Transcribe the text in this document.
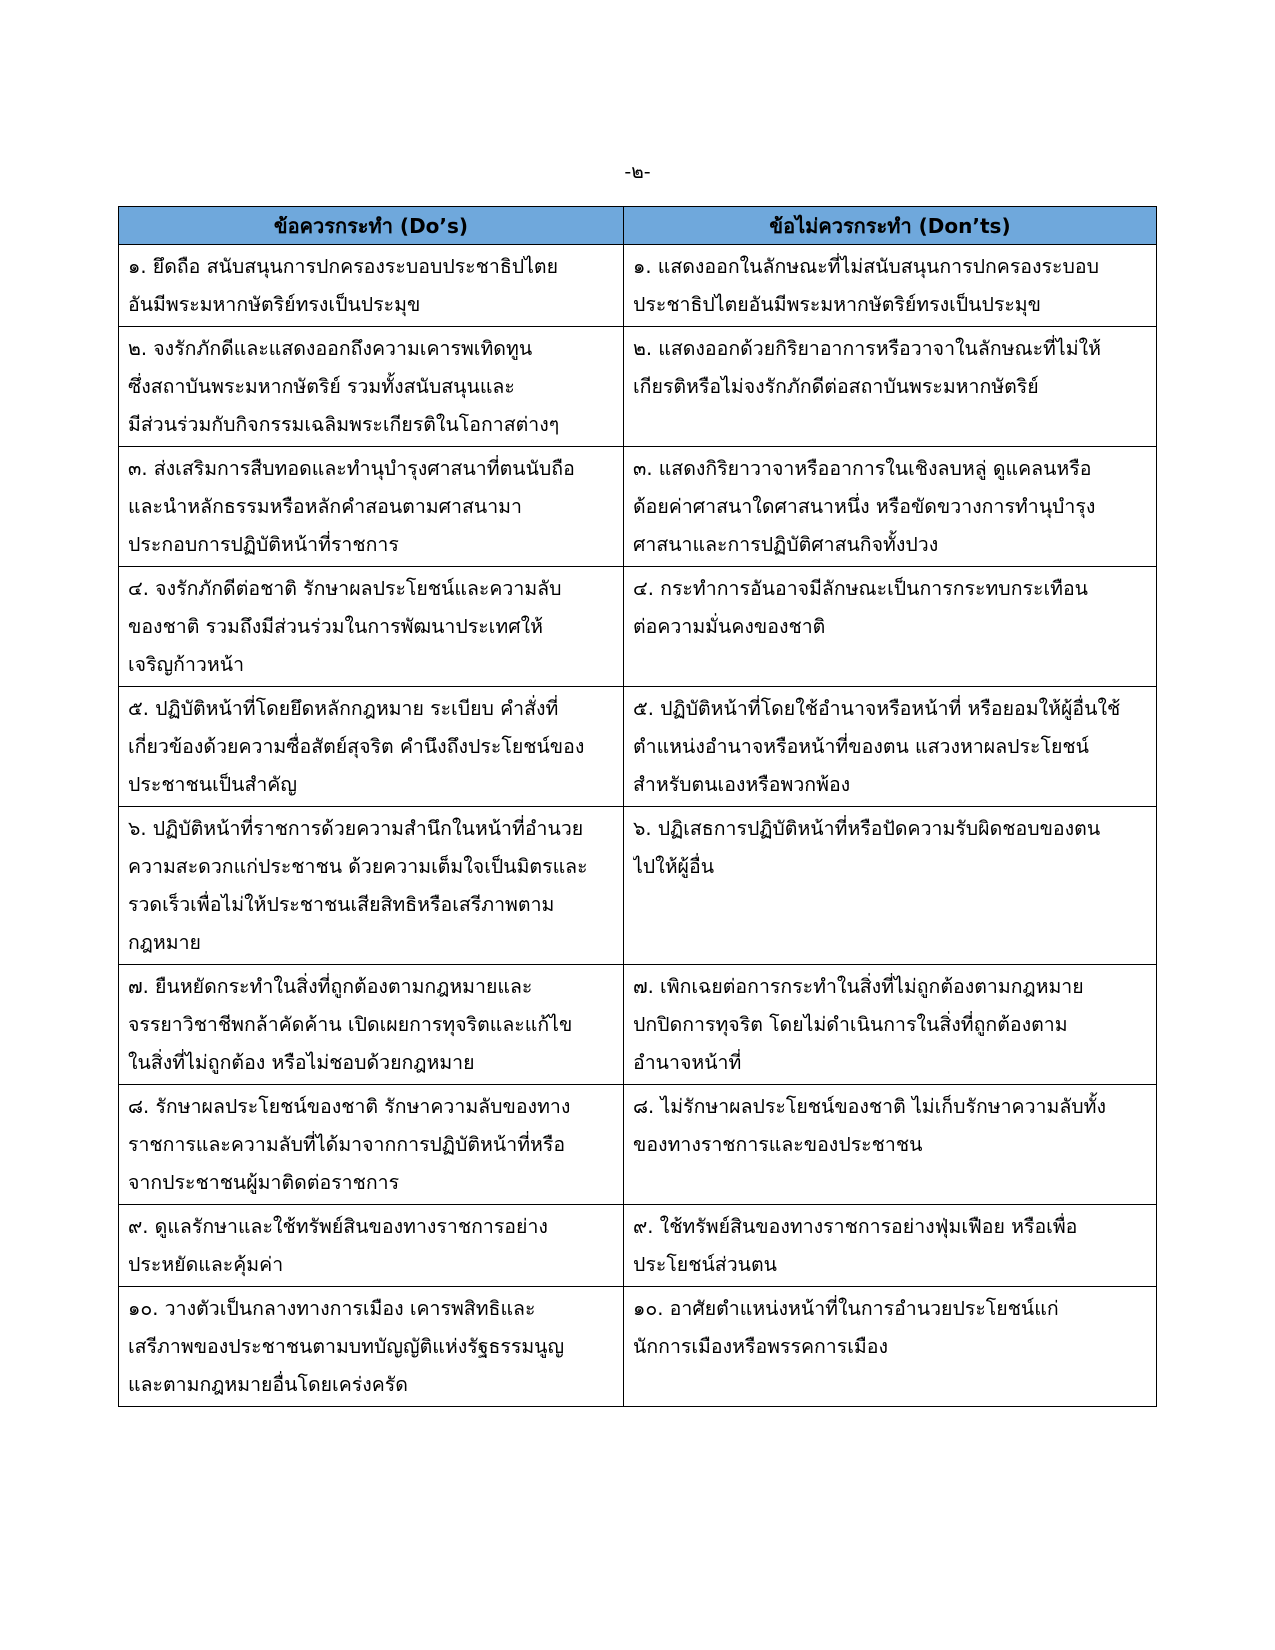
-๒-
ข้อควรกระทำ (Do’s)	ข้อไม่ควรกระทำ (Don’ts)

๑. ยึดถือ สนับสนุนการปกครองระบอบประชาธิปไตย
อันมีพระมหากษัตริย์ทรงเป็นประมุข	๑. แสดงออกในลักษณะที่ไม่สนับสนุนการปกครองระบอบ
ประชาธิปไตยอันมีพระมหากษัตริย์ทรงเป็นประมุข

๒. จงรักภักดีและแสดงออกถึงความเคารพเทิดทูน
ซึ่งสถาบันพระมหากษัตริย์ รวมทั้งสนับสนุนและ
มีส่วนร่วมกับกิจกรรมเฉลิมพระเกียรติในโอกาสต่างๆ	๒. แสดงออกด้วยกิริยาอาการหรือวาจาในลักษณะที่ไม่ให้
เกียรติหรือไม่จงรักภักดีต่อสถาบันพระมหากษัตริย์

๓. ส่งเสริมการสืบทอดและทำนุบำรุงศาสนาที่ตนนับถือ
และนำหลักธรรมหรือหลักคำสอนตามศาสนามา
ประกอบการปฏิบัติหน้าที่ราชการ	๓. แสดงกิริยาวาจาหรืออาการในเชิงลบหลู่ ดูแคลนหรือ
ด้อยค่าศาสนาใดศาสนาหนึ่ง หรือขัดขวางการทำนุบำรุง
ศาสนาและการปฏิบัติศาสนกิจทั้งปวง

๔. จงรักภักดีต่อชาติ รักษาผลประโยชน์และความลับ
ของชาติ รวมถึงมีส่วนร่วมในการพัฒนาประเทศให้
เจริญก้าวหน้า	๔. กระทำการอันอาจมีลักษณะเป็นการกระทบกระเทือน
ต่อความมั่นคงของชาติ

๕. ปฏิบัติหน้าที่โดยยึดหลักกฎหมาย ระเบียบ คำสั่งที่
เกี่ยวข้องด้วยความซื่อสัตย์สุจริต คำนึงถึงประโยชน์ของ
ประชาชนเป็นสำคัญ	๕. ปฏิบัติหน้าที่โดยใช้อำนาจหรือหน้าที่ หรือยอมให้ผู้อื่นใช้
ตำแหน่งอำนาจหรือหน้าที่ของตน แสวงหาผลประโยชน์
สำหรับตนเองหรือพวกพ้อง

๖. ปฏิบัติหน้าที่ราชการด้วยความสำนึกในหน้าที่อำนวย
ความสะดวกแก่ประชาชน ด้วยความเต็มใจเป็นมิตรและ
รวดเร็วเพื่อไม่ให้ประชาชนเสียสิทธิหรือเสรีภาพตาม
กฎหมาย	๖. ปฏิเสธการปฏิบัติหน้าที่หรือปัดความรับผิดชอบของตน
ไปให้ผู้อื่น

๗. ยืนหยัดกระทำในสิ่งที่ถูกต้องตามกฎหมายและ
จรรยาวิชาชีพกล้าคัดค้าน เปิดเผยการทุจริตและแก้ไข
ในสิ่งที่ไม่ถูกต้อง หรือไม่ชอบด้วยกฎหมาย	๗. เพิกเฉยต่อการกระทำในสิ่งที่ไม่ถูกต้องตามกฎหมาย
ปกปิดการทุจริต โดยไม่ดำเนินการในสิ่งที่ถูกต้องตาม
อำนาจหน้าที่

๘. รักษาผลประโยชน์ของชาติ รักษาความลับของทาง
ราชการและความลับที่ได้มาจากการปฏิบัติหน้าที่หรือ
จากประชาชนผู้มาติดต่อราชการ	๘. ไม่รักษาผลประโยชน์ของชาติ ไม่เก็บรักษาความลับทั้ง
ของทางราชการและของประชาชน

๙. ดูแลรักษาและใช้ทรัพย์สินของทางราชการอย่าง
ประหยัดและคุ้มค่า	๙. ใช้ทรัพย์สินของทางราชการอย่างฟุ่มเฟือย หรือเพื่อ
ประโยชน์ส่วนตน

๑๐. วางตัวเป็นกลางทางการเมือง เคารพสิทธิและ
เสรีภาพของประชาชนตามบทบัญญัติแห่งรัฐธรรมนูญ
และตามกฎหมายอื่นโดยเคร่งครัด	๑๐. อาศัยตำแหน่งหน้าที่ในการอำนวยประโยชน์แก่
นักการเมืองหรือพรรคการเมือง
